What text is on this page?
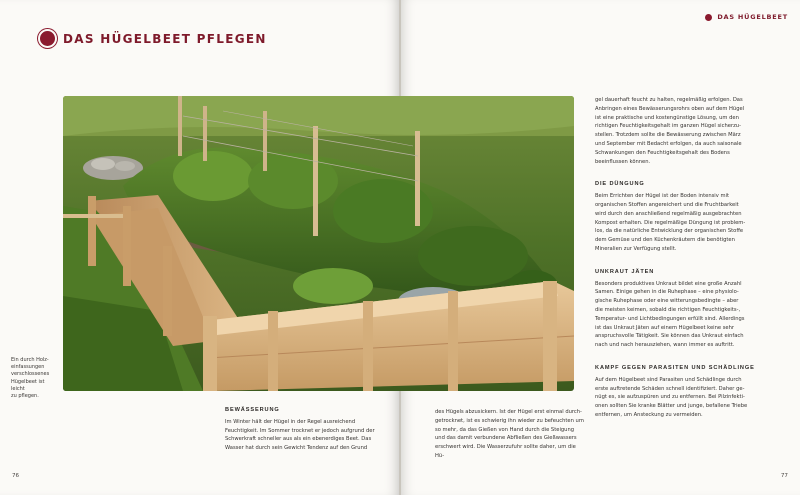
DAS HÜGELBEET PFLEGEN
DAS HÜGELBEET
Ein durch Holz-
einfassungen
verschlossenes
Hügelbeet ist leicht
zu pflegen.
BEWÄSSERUNG

Im Winter hält der Hügel in der Regel ausreichend

Feuchtigkeit. Im Sommer trocknet er jedoch aufgrund der

Schwerkraft schneller aus als ein ebenerdiges Beet. Das

Wasser hat durch sein Gewicht Tendenz auf den Grund

des Hügels abzusickern. Ist der Hügel erst einmal durch-

getrocknet, ist es schwierig ihn wieder zu befeuchten um

so mehr, da das Gießen von Hand durch die Steigung

und das damit verbundene Abfließen des Gießwassers

erschwert wird. Die Wasserzufuhr sollte daher, um die Hü-

gel dauerhaft feucht zu halten, regelmäßig erfolgen. Das
Anbringen eines Bewässerungsrohrs oben auf dem Hügel
ist eine praktische und kostengünstige Lösung, um den
richtigen Feuchtigkeitsgehalt im ganzen Hügel sicherzu-
stellen. Trotzdem sollte die Bewässerung zwischen März
und September mit Bedacht erfolgen, da auch saisonale
Schwankungen den Feuchtigkeitsgehalt des Bodens
beeinflussen können.

DIE DÜNGUNG

Beim Errichten der Hügel ist der Boden intensiv mit
organischen Stoffen angereichert und die Fruchtbarkeit
wird durch den anschließend regelmäßig ausgebrachten
Kompost erhalten. Die regelmäßige Düngung ist problem-
los, da die natürliche Entwicklung der organischen Stoffe
dem Gemüse und den Küchenkräutern die benötigten
Mineralien zur Verfügung stellt.

UNKRAUT JÄTEN

Besonders produktives Unkraut bildet eine große Anzahl
Samen. Einige gehen in die Ruhephase – eine physiolo-
gische Ruhephase oder eine witterungsbedingte – aber
die meisten keimen, sobald die richtigen Feuchtigkeits-,
Temperatur- und Lichtbedingungen erfüllt sind. Allerdings
ist das Unkraut Jäten auf einem Hügelbeet keine sehr
anspruchsvolle Tätigkeit. Sie können das Unkraut einfach
nach und nach herausziehen, wann immer es auftritt.

KAMPF GEGEN PARASITEN UND SCHÄDLINGE

Auf dem Hügelbeet sind Parasiten und Schädlinge durch
erste auftretende Schäden schnell identifiziert. Daher ge-
nügt es, sie aufzuspüren und zu entfernen. Bei Pilzinfekti-
onen sollten Sie kranke Blätter und junge, befallene Triebe
entfernen, um Ansteckung zu vermeiden.

76	77
